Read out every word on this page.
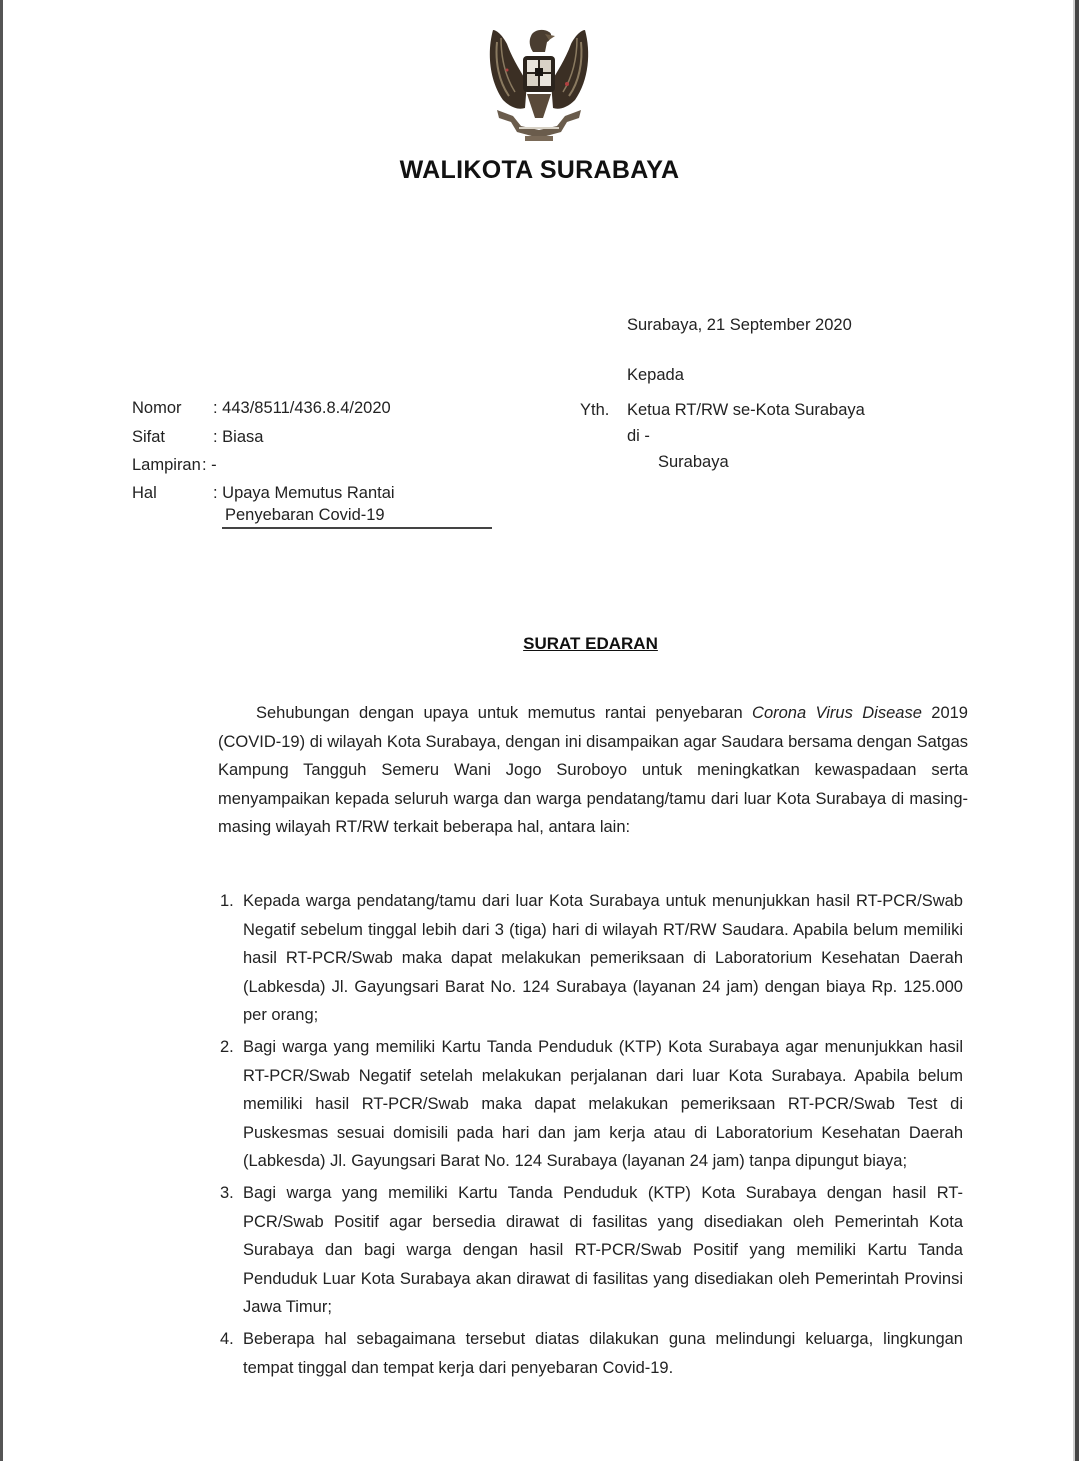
WALIKOTA SURABAYA
Surabaya, 21 September 2020
Kepada
Yth. Ketua RT/RW se-Kota Surabaya
di -
Surabaya
Nomor : 443/8511/436.8.4/2020
Sifat	: Biasa
Lampiran : -
Hal	: Upaya Memutus Rantai
Penyebaran Covid-19
SURAT EDARAN
Sehubungan dengan upaya untuk memutus rantai penyebaran Corona Virus Disease 2019 (COVID-19) di wilayah Kota Surabaya, dengan ini disampaikan agar Saudara bersama dengan Satgas Kampung Tangguh Semeru Wani Jogo Suroboyo untuk meningkatkan kewaspadaan serta menyampaikan kepada seluruh warga dan warga pendatang/tamu dari luar Kota Surabaya di masing-masing wilayah RT/RW terkait beberapa hal, antara lain:
1. Kepada warga pendatang/tamu dari luar Kota Surabaya untuk menunjukkan hasil RT-PCR/Swab Negatif sebelum tinggal lebih dari 3 (tiga) hari di wilayah RT/RW Saudara. Apabila belum memiliki hasil RT-PCR/Swab maka dapat melakukan pemeriksaan di Laboratorium Kesehatan Daerah (Labkesda) Jl. Gayungsari Barat No. 124 Surabaya (layanan 24 jam) dengan biaya Rp. 125.000 per orang;
2. Bagi warga yang memiliki Kartu Tanda Penduduk (KTP) Kota Surabaya agar menunjukkan hasil RT-PCR/Swab Negatif setelah melakukan perjalanan dari luar Kota Surabaya. Apabila belum memiliki hasil RT-PCR/Swab maka dapat melakukan pemeriksaan RT-PCR/Swab Test di Puskesmas sesuai domisili pada hari dan jam kerja atau di Laboratorium Kesehatan Daerah (Labkesda) Jl. Gayungsari Barat No. 124 Surabaya (layanan 24 jam) tanpa dipungut biaya;
3. Bagi warga yang memiliki Kartu Tanda Penduduk (KTP) Kota Surabaya dengan hasil RT-PCR/Swab Positif agar bersedia dirawat di fasilitas yang disediakan oleh Pemerintah Kota Surabaya dan bagi warga dengan hasil RT-PCR/Swab Positif yang memiliki Kartu Tanda Penduduk Luar Kota Surabaya akan dirawat di fasilitas yang disediakan oleh Pemerintah Provinsi Jawa Timur;
4. Beberapa hal sebagaimana tersebut diatas dilakukan guna melindungi keluarga, lingkungan tempat tinggal dan tempat kerja dari penyebaran Covid-19.
